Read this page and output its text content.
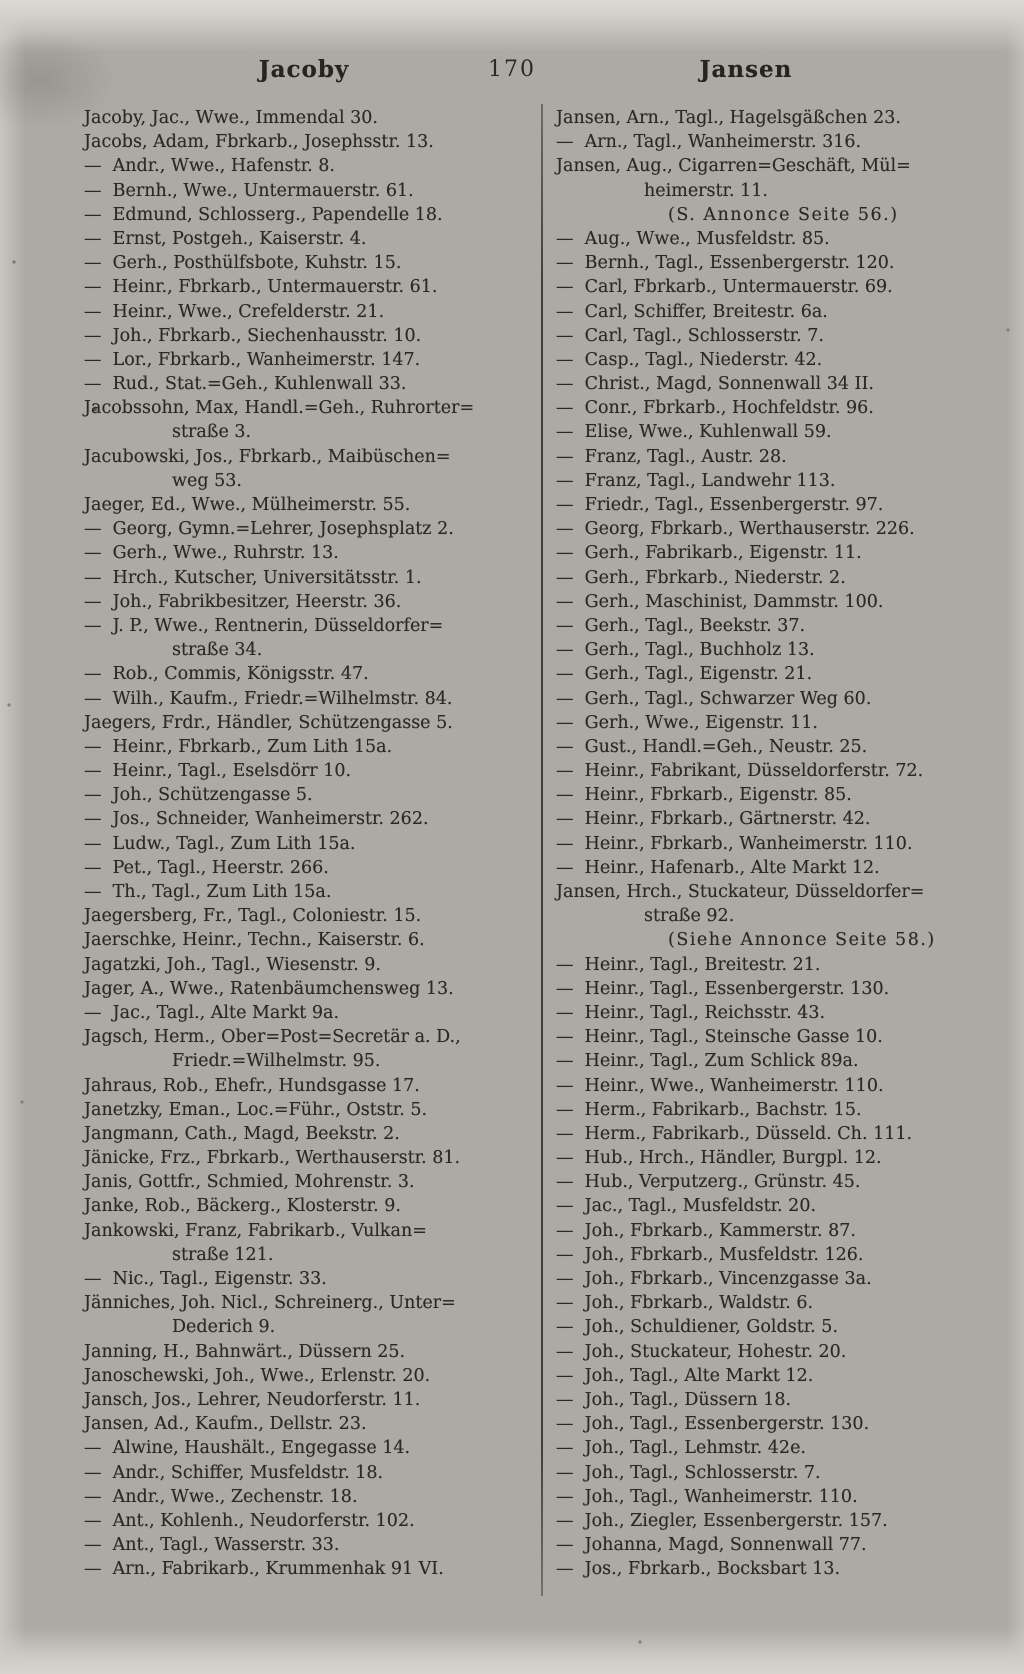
Jacoby	170	Jansen
Jacoby, Jac., Wwe., Immendal 30.
Jacobs, Adam, Fbrkarb., Josephsstr. 13.
—  Andr., Wwe., Hafenstr. 8.
—  Bernh., Wwe., Untermauerstr. 61.
—  Edmund, Schlosserg., Papendelle 18.
—  Ernst, Postgeh., Kaiserstr. 4.
—  Gerh., Posthülfsbote, Kuhstr. 15.
—  Heinr., Fbrkarb., Untermauerstr. 61.
—  Heinr., Wwe., Crefelderstr. 21.
—  Joh., Fbrkarb., Siechenhausstr. 10.
—  Lor., Fbrkarb., Wanheimerstr. 147.
—  Rud., Stat.=Geh., Kuhlenwall 33.
Jacobssohn, Max, Handl.=Geh., Ruhrorter=
straße 3.
Jacubowski, Jos., Fbrkarb., Maibüschen=
weg 53.
Jaeger, Ed., Wwe., Mülheimerstr. 55.
—  Georg, Gymn.=Lehrer, Josephsplatz 2.
—  Gerh., Wwe., Ruhrstr. 13.
—  Hrch., Kutscher, Universitätsstr. 1.
—  Joh., Fabrikbesitzer, Heerstr. 36.
—  J. P., Wwe., Rentnerin, Düsseldorfer=
straße 34.
—  Rob., Commis, Königsstr. 47.
—  Wilh., Kaufm., Friedr.=Wilhelmstr. 84.
Jaegers, Frdr., Händler, Schützengasse 5.
—  Heinr., Fbrkarb., Zum Lith 15a.
—  Heinr., Tagl., Eselsdörr 10.
—  Joh., Schützengasse 5.
—  Jos., Schneider, Wanheimerstr. 262.
—  Ludw., Tagl., Zum Lith 15a.
—  Pet., Tagl., Heerstr. 266.
—  Th., Tagl., Zum Lith 15a.
Jaegersberg, Fr., Tagl., Coloniestr. 15.
Jaerschke, Heinr., Techn., Kaiserstr. 6.
Jagatzki, Joh., Tagl., Wiesenstr. 9.
Jager, A., Wwe., Ratenbäumchensweg 13.
—  Jac., Tagl., Alte Markt 9a.
Jagsch, Herm., Ober=Post=Secretär a. D.,
Friedr.=Wilhelmstr. 95.
Jahraus, Rob., Ehefr., Hundsgasse 17.
Janetzky, Eman., Loc.=Führ., Oststr. 5.
Jangmann, Cath., Magd, Beekstr. 2.
Jänicke, Frz., Fbrkarb., Werthauserstr. 81.
Janis, Gottfr., Schmied, Mohrenstr. 3.
Janke, Rob., Bäckerg., Klosterstr. 9.
Jankowski, Franz, Fabrikarb., Vulkan=
straße 121.
—  Nic., Tagl., Eigenstr. 33.
Jänniches, Joh. Nicl., Schreinerg., Unter=
Dederich 9.
Janning, H., Bahnwärt., Düssern 25.
Janoschewski, Joh., Wwe., Erlenstr. 20.
Jansch, Jos., Lehrer, Neudorferstr. 11.
Jansen, Ad., Kaufm., Dellstr. 23.
—  Alwine, Haushält., Engegasse 14.
—  Andr., Schiffer, Musfeldstr. 18.
—  Andr., Wwe., Zechenstr. 18.
—  Ant., Kohlenh., Neudorferstr. 102.
—  Ant., Tagl., Wasserstr. 33.
—  Arn., Fabrikarb., Krummenhak 91 VI.
Jansen, Arn., Tagl., Hagelsgäßchen 23.
—  Arn., Tagl., Wanheimerstr. 316.
Jansen, Aug., Cigarren=Geschäft, Mül=
heimerstr. 11.
(S. Annonce Seite 56.)
—  Aug., Wwe., Musfeldstr. 85.
—  Bernh., Tagl., Essenbergerstr. 120.
—  Carl, Fbrkarb., Untermauerstr. 69.
—  Carl, Schiffer, Breitestr. 6a.
—  Carl, Tagl., Schlosserstr. 7.
—  Casp., Tagl., Niederstr. 42.
—  Christ., Magd, Sonnenwall 34 II.
—  Conr., Fbrkarb., Hochfeldstr. 96.
—  Elise, Wwe., Kuhlenwall 59.
—  Franz, Tagl., Austr. 28.
—  Franz, Tagl., Landwehr 113.
—  Friedr., Tagl., Essenbergerstr. 97.
—  Georg, Fbrkarb., Werthauserstr. 226.
—  Gerh., Fabrikarb., Eigenstr. 11.
—  Gerh., Fbrkarb., Niederstr. 2.
—  Gerh., Maschinist, Dammstr. 100.
—  Gerh., Tagl., Beekstr. 37.
—  Gerh., Tagl., Buchholz 13.
—  Gerh., Tagl., Eigenstr. 21.
—  Gerh., Tagl., Schwarzer Weg 60.
—  Gerh., Wwe., Eigenstr. 11.
—  Gust., Handl.=Geh., Neustr. 25.
—  Heinr., Fabrikant, Düsseldorferstr. 72.
—  Heinr., Fbrkarb., Eigenstr. 85.
—  Heinr., Fbrkarb., Gärtnerstr. 42.
—  Heinr., Fbrkarb., Wanheimerstr. 110.
—  Heinr., Hafenarb., Alte Markt 12.
Jansen, Hrch., Stuckateur, Düsseldorfer=
straße 92.
(Siehe Annonce Seite 58.)
—  Heinr., Tagl., Breitestr. 21.
—  Heinr., Tagl., Essenbergerstr. 130.
—  Heinr., Tagl., Reichsstr. 43.
—  Heinr., Tagl., Steinsche Gasse 10.
—  Heinr., Tagl., Zum Schlick 89a.
—  Heinr., Wwe., Wanheimerstr. 110.
—  Herm., Fabrikarb., Bachstr. 15.
—  Herm., Fabrikarb., Düsseld. Ch. 111.
—  Hub., Hrch., Händler, Burgpl. 12.
—  Hub., Verputzerg., Grünstr. 45.
—  Jac., Tagl., Musfeldstr. 20.
—  Joh., Fbrkarb., Kammerstr. 87.
—  Joh., Fbrkarb., Musfeldstr. 126.
—  Joh., Fbrkarb., Vincenzgasse 3a.
—  Joh., Fbrkarb., Waldstr. 6.
—  Joh., Schuldiener, Goldstr. 5.
—  Joh., Stuckateur, Hohestr. 20.
—  Joh., Tagl., Alte Markt 12.
—  Joh., Tagl., Düssern 18.
—  Joh., Tagl., Essenbergerstr. 130.
—  Joh., Tagl., Lehmstr. 42e.
—  Joh., Tagl., Schlosserstr. 7.
—  Joh., Tagl., Wanheimerstr. 110.
—  Joh., Ziegler, Essenbergerstr. 157.
—  Johanna, Magd, Sonnenwall 77.
—  Jos., Fbrkarb., Bocksbart 13.
